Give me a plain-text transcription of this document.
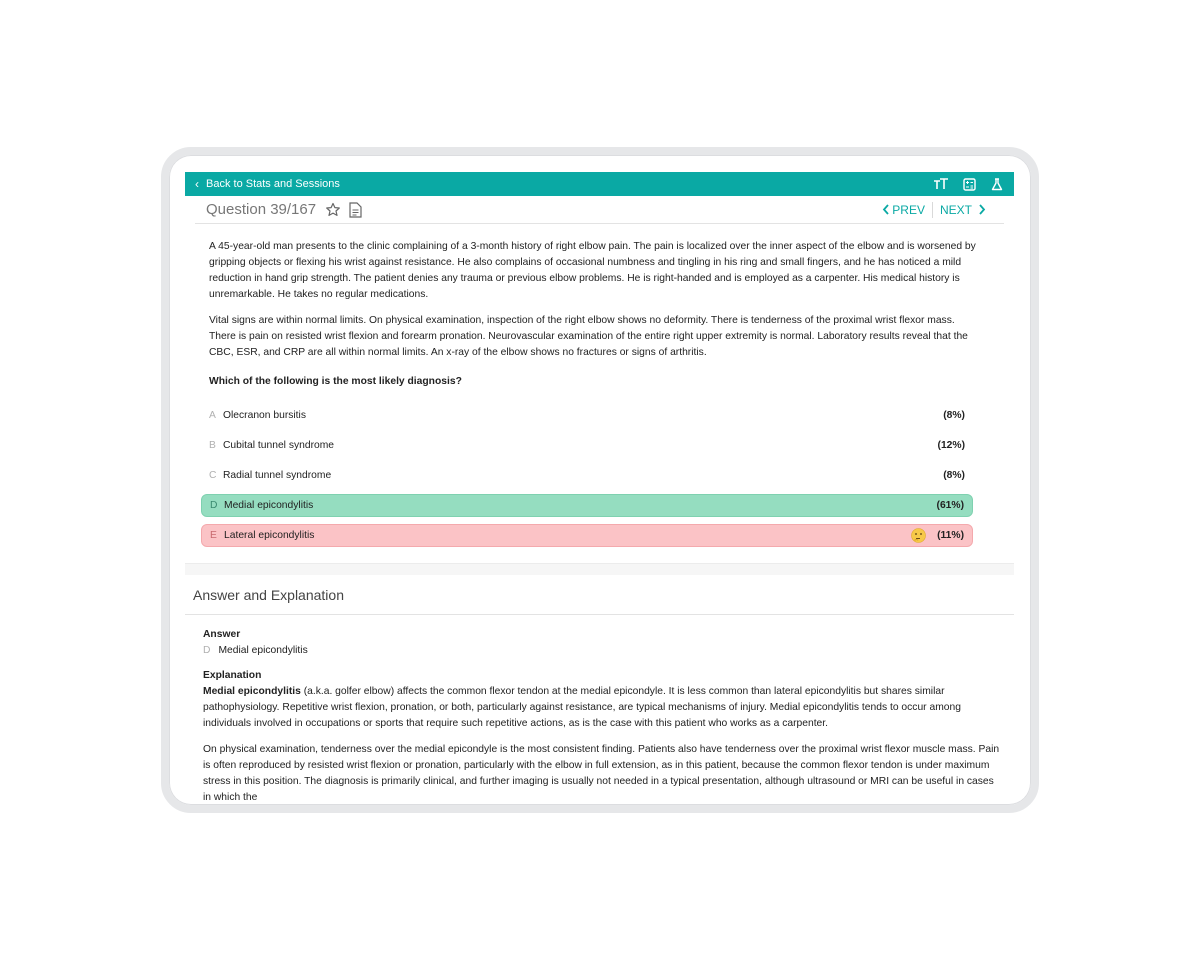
‹ Back to Stats and Sessions
Question 39/167	PREV NEXT

A 45-year-old man presents to the clinic complaining of a 3-month history of right elbow pain. The pain is localized over the inner aspect of the elbow and is worsened by gripping objects or flexing his wrist against resistance. He also complains of occasional numbness and tingling in his ring and small fingers, and he has noticed a mild reduction in hand grip strength. The patient denies any trauma or previous elbow problems. He is right-handed and is employed as a carpenter. His medical history is unremarkable. He takes no regular medications.

Vital signs are within normal limits. On physical examination, inspection of the right elbow shows no deformity. There is tenderness of the proximal wrist flexor mass. There is pain on resisted wrist flexion and forearm pronation. Neurovascular examination of the entire right upper extremity is normal. Laboratory results reveal that the CBC, ESR, and CRP are all within normal limits. An x-ray of the elbow shows no fractures or signs of arthritis.

Which of the following is the most likely diagnosis?
A Olecranon bursitis	(8%)
B Cubital tunnel syndrome	(12%)
C Radial tunnel syndrome	(8%)
D Medial epicondylitis	(61%)
E Lateral epicondylitis	(11%)
Answer and Explanation
Answer
D Medial epicondylitis
Explanation

Medial epicondylitis (a.k.a. golfer elbow) affects the common flexor tendon at the medial epicondyle. It is less common than lateral epicondylitis but shares similar pathophysiology. Repetitive wrist flexion, pronation, or both, particularly against resistance, are typical mechanisms of injury. Medial epicondylitis tends to occur among individuals involved in occupations or sports that require such repetitive actions, as is the case with this patient who works as a carpenter.

On physical examination, tenderness over the medial epicondyle is the most consistent finding. Patients also have tenderness over the proximal wrist flexor muscle mass. Pain is often reproduced by resisted wrist flexion or pronation, particularly with the elbow in full extension, as in this patient, because the common flexor tendon is under maximum stress in this position. The diagnosis is primarily clinical, and further imaging is usually not needed in a typical presentation, although ultrasound or MRI can be useful in cases in which the
